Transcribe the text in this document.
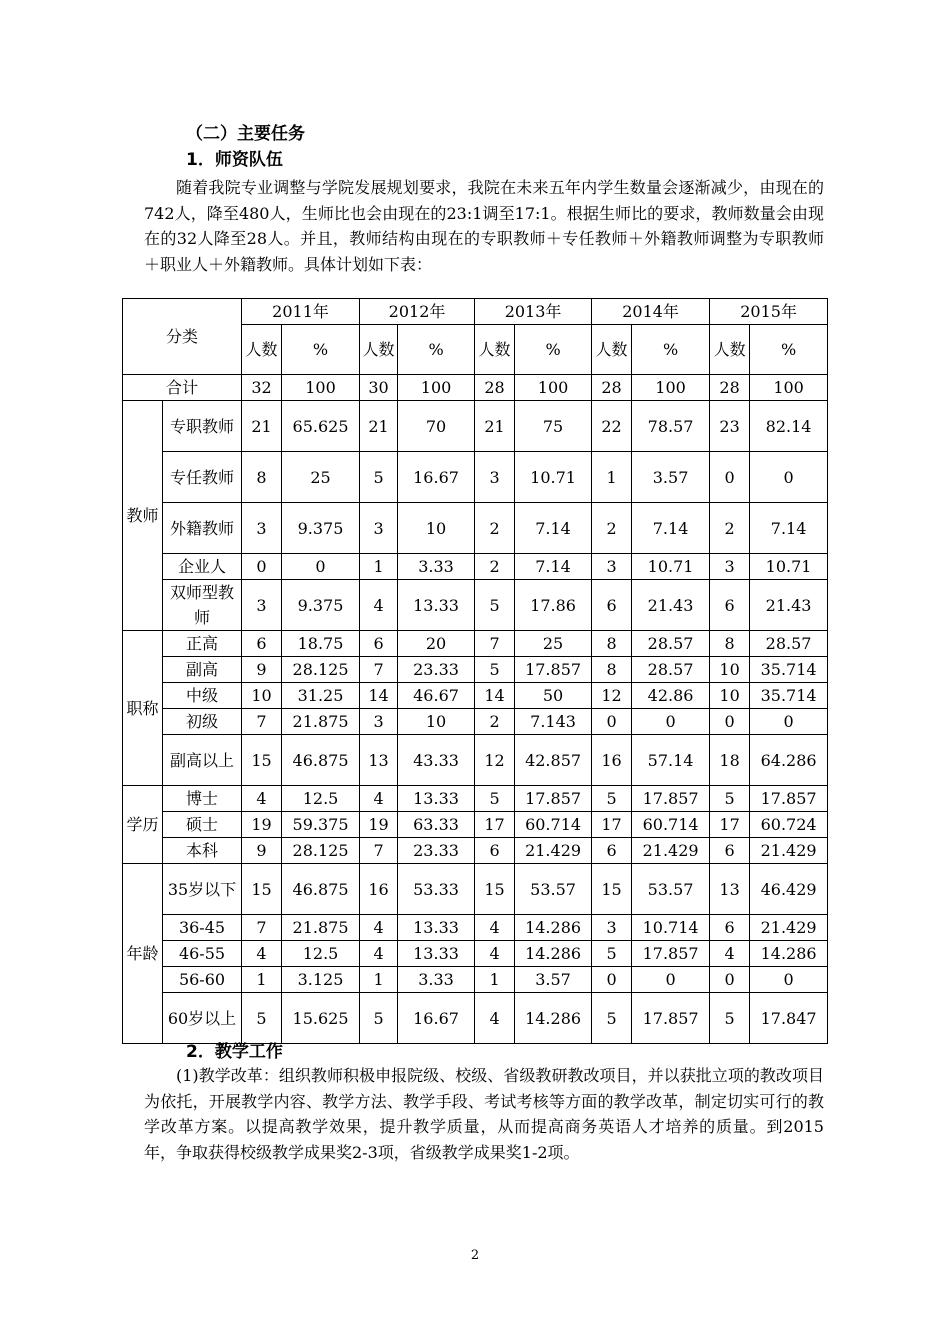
（二）主要任务
1．师资队伍
随着我院专业调整与学院发展规划要求，我院在未来五年内学生数量会逐渐减少，由现在的742人，降至480人，生师比也会由现在的23:1调至17:1。根据生师比的要求，教师数量会由现在的32人降至28人。并且，教师结构由现在的专职教师＋专任教师＋外籍教师调整为专职教师＋职业人＋外籍教师。具体计划如下表：
分类		2011年		2012年		2013年		2014年		2015年	
		人数	%	人数	%	人数	%	人数	%	人数	%
合计		32	100	30	100	28	100	28	100	28	100
教师	专职教师	21	65.625	21	70	21	75	22	78.57	23	82.14
	专任教师	8	25	5	16.67	3	10.71	1	3.57	0	0
	外籍教师	3	9.375	3	10	2	7.14	2	7.14	2	7.14
	企业人	0	0	1	3.33	2	7.14	3	10.71	3	10.71
	双师型教师	3	9.375	4	13.33	5	17.86	6	21.43	6	21.43
职称	正高	6	18.75	6	20	7	25	8	28.57	8	28.57
	副高	9	28.125	7	23.33	5	17.857	8	28.57	10	35.714
	中级	10	31.25	14	46.67	14	50	12	42.86	10	35.714
	初级	7	21.875	3	10	2	7.143	0	0	0	0
	副高以上	15	46.875	13	43.33	12	42.857	16	57.14	18	64.286
学历	博士	4	12.5	4	13.33	5	17.857	5	17.857	5	17.857
	硕士	19	59.375	19	63.33	17	60.714	17	60.714	17	60.724
	本科	9	28.125	7	23.33	6	21.429	6	21.429	6	21.429
年龄	35岁以下	15	46.875	16	53.33	15	53.57	15	53.57	13	46.429
	36-45	7	21.875	4	13.33	4	14.286	3	10.714	6	21.429
	46-55	4	12.5	4	13.33	4	14.286	5	17.857	4	14.286
	56-60	1	3.125	1	3.33	1	3.57	0	0	0	0
	60岁以上	5	15.625	5	16.67	4	14.286	5	17.857	5	17.847
2．教学工作
(1)教学改革：组织教师积极申报院级、校级、省级教研教改项目，并以获批立项的教改项目为依托，开展教学内容、教学方法、教学手段、考试考核等方面的教学改革，制定切实可行的教学改革方案。以提高教学效果，提升教学质量，从而提高商务英语人才培养的质量。到2015年，争取获得校级教学成果奖2-3项，省级教学成果奖1-2项。
2
